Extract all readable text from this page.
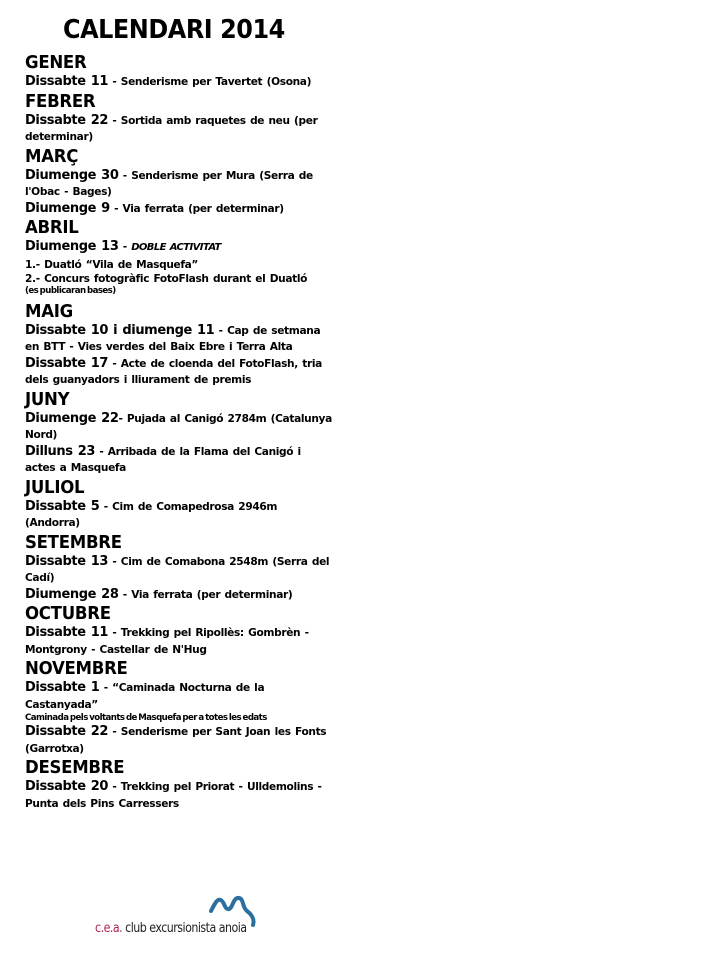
CALENDARI 2014
GENER
Dissabte 11 - Senderisme per Tavertet (Osona)
FEBRER
Dissabte 22 - Sortida amb raquetes de neu (per determinar)
MARÇ
Diumenge 30 - Senderisme per Mura (Serra de l'Obac - Bages)
Diumenge 9 - Via ferrata (per determinar)
ABRIL
Diumenge 13 - DOBLE ACTIVITAT
1.- Duatló “Vila de Masquefa”
2.- Concurs fotogràfic FotoFlash durant el Duatló
(es publicaran bases)
MAIG
Dissabte 10 i diumenge 11 - Cap de setmana en BTT - Vies verdes del Baix Ebre i Terra Alta
Dissabte 17 - Acte de cloenda del FotoFlash, tria dels guanyadors i lliurament de premis
JUNY
Diumenge 22- Pujada al Canigó 2784m (Catalunya Nord)
Dilluns 23 - Arribada de la Flama del Canigó i actes a Masquefa
JULIOL
Dissabte 5 - Cim de Comapedrosa 2946m (Andorra)
SETEMBRE
Dissabte 13 - Cim de Comabona 2548m (Serra del Cadí)
Diumenge 28 - Via ferrata (per determinar)
OCTUBRE
Dissabte 11 - Trekking pel Ripollès: Gombrèn - Montgrony - Castellar de N'Hug
NOVEMBRE
Dissabte 1 - “Caminada Nocturna de la Castanyada”
Caminada pels voltants de Masquefa per a totes les edats
Dissabte 22 - Senderisme per Sant Joan les Fonts (Garrotxa)
DESEMBRE
Dissabte 20 - Trekking pel Priorat - Ulldemolins - Punta dels Pins Carressers
c.e.a. club excursionista anoia
